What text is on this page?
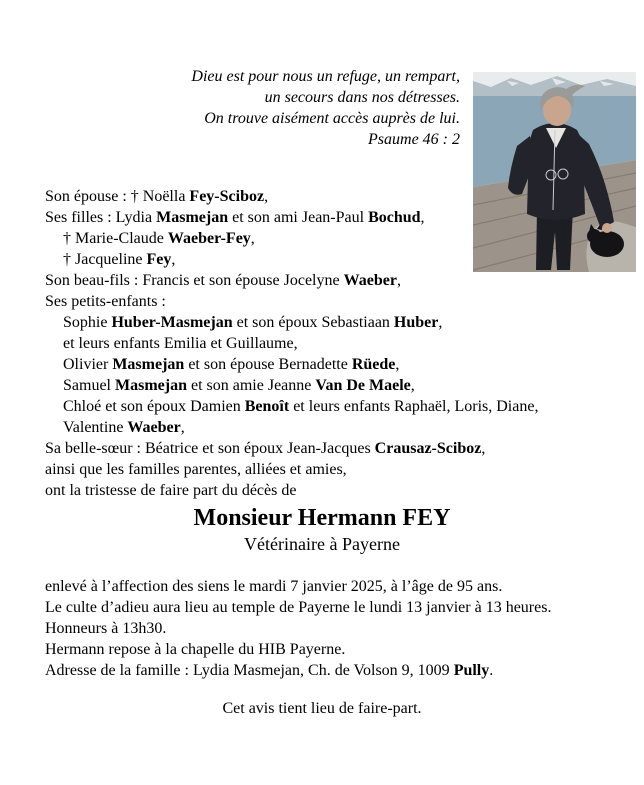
Dieu est pour nous un refuge, un rempart,
un secours dans nos détresses.
On trouve aisément accès auprès de lui.
Psaume 46 : 2
Son épouse : † Noëlla Fey-Sciboz,
Ses filles : Lydia Masmejan et son ami Jean-Paul Bochud,
† Marie-Claude Waeber-Fey,
† Jacqueline Fey,
Son beau-fils : Francis et son épouse Jocelyne Waeber,
Ses petits-enfants :
Sophie Huber-Masmejan et son époux Sebastiaan Huber,
et leurs enfants Emilia et Guillaume,
Olivier Masmejan et son épouse Bernadette Rüede,
Samuel Masmejan et son amie Jeanne Van De Maele,
Chloé et son époux Damien Benoît et leurs enfants Raphaël, Loris, Diane,
Valentine Waeber,
Sa belle-sœur : Béatrice et son époux Jean-Jacques Crausaz-Sciboz,
ainsi que les familles parentes, alliées et amies,
ont la tristesse de faire part du décès de
Monsieur Hermann FEY
Vétérinaire à Payerne
enlevé à l’affection des siens le mardi 7 janvier 2025, à l’âge de 95 ans.
Le culte d’adieu aura lieu au temple de Payerne le lundi 13 janvier à 13 heures.
Honneurs à 13h30.
Hermann repose à la chapelle du HIB Payerne.
Adresse de la famille : Lydia Masmejan, Ch. de Volson 9, 1009 Pully.
Cet avis tient lieu de faire-part.
